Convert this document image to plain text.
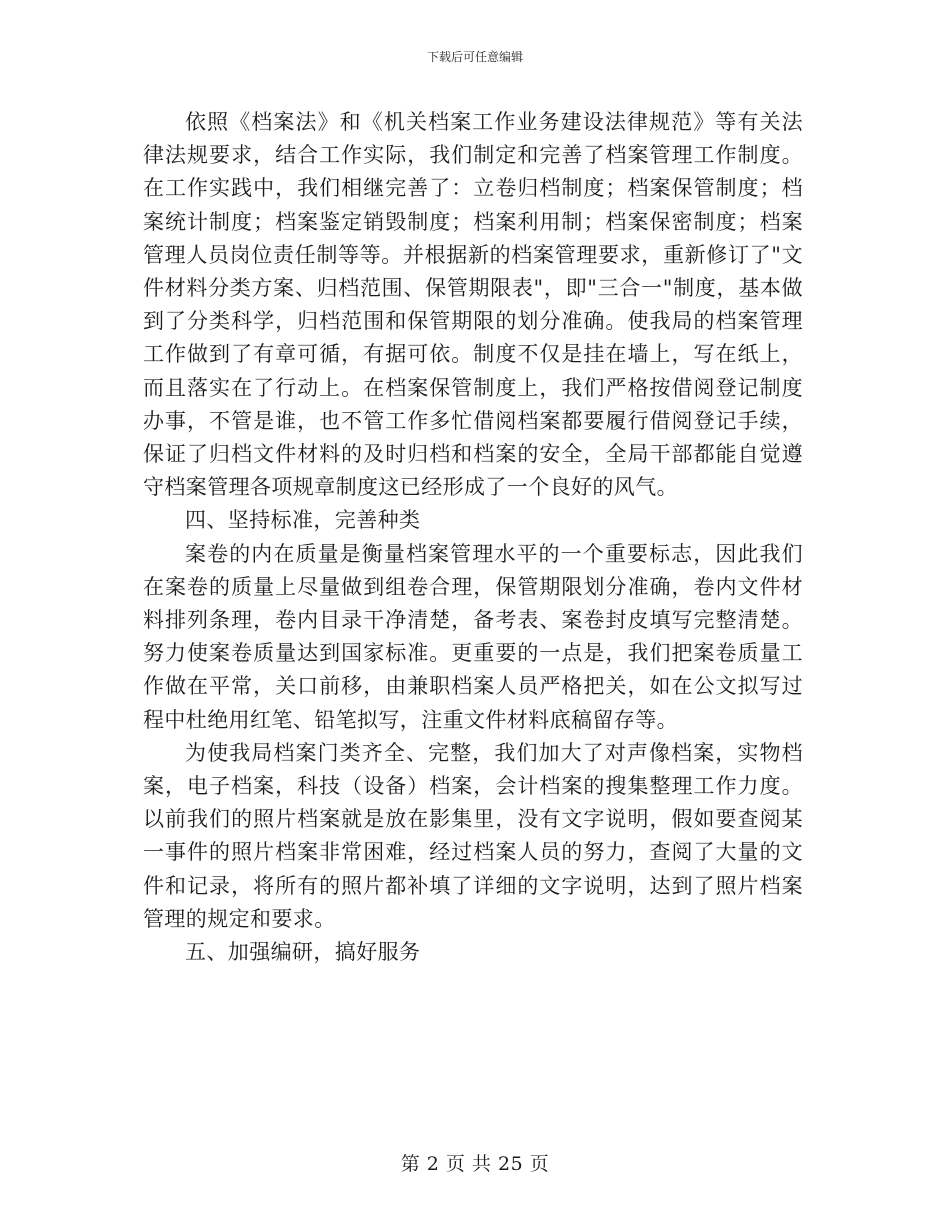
下载后可任意编辑

依照《档案法》和《机关档案工作业务建设法律规范》等有关法律法规要求，结合工作实际，我们制定和完善了档案管理工作制度。在工作实践中，我们相继完善了：立卷归档制度；档案保管制度；档案统计制度；档案鉴定销毁制度；档案利用制；档案保密制度；档案管理人员岗位责任制等等。并根据新的档案管理要求，重新修订了"文件材料分类方案、归档范围、保管期限表"，即"三合一"制度，基本做到了分类科学，归档范围和保管期限的划分准确。使我局的档案管理工作做到了有章可循，有据可依。制度不仅是挂在墙上，写在纸上，而且落实在了行动上。在档案保管制度上，我们严格按借阅登记制度办事，不管是谁，也不管工作多忙借阅档案都要履行借阅登记手续，保证了归档文件材料的及时归档和档案的安全，全局干部都能自觉遵守档案管理各项规章制度这已经形成了一个良好的风气。

四、坚持标准，完善种类

案卷的内在质量是衡量档案管理水平的一个重要标志，因此我们在案卷的质量上尽量做到组卷合理，保管期限划分准确，卷内文件材料排列条理，卷内目录干净清楚，备考表、案卷封皮填写完整清楚。努力使案卷质量达到国家标准。更重要的一点是，我们把案卷质量工作做在平常，关口前移，由兼职档案人员严格把关，如在公文拟写过程中杜绝用红笔、铅笔拟写，注重文件材料底稿留存等。

为使我局档案门类齐全、完整，我们加大了对声像档案，实物档案，电子档案，科技（设备）档案，会计档案的搜集整理工作力度。以前我们的照片档案就是放在影集里，没有文字说明，假如要查阅某一事件的照片档案非常困难，经过档案人员的努力，查阅了大量的文件和记录，将所有的照片都补填了详细的文字说明，达到了照片档案管理的规定和要求。

五、加强编研，搞好服务

第 2 页 共 25 页
